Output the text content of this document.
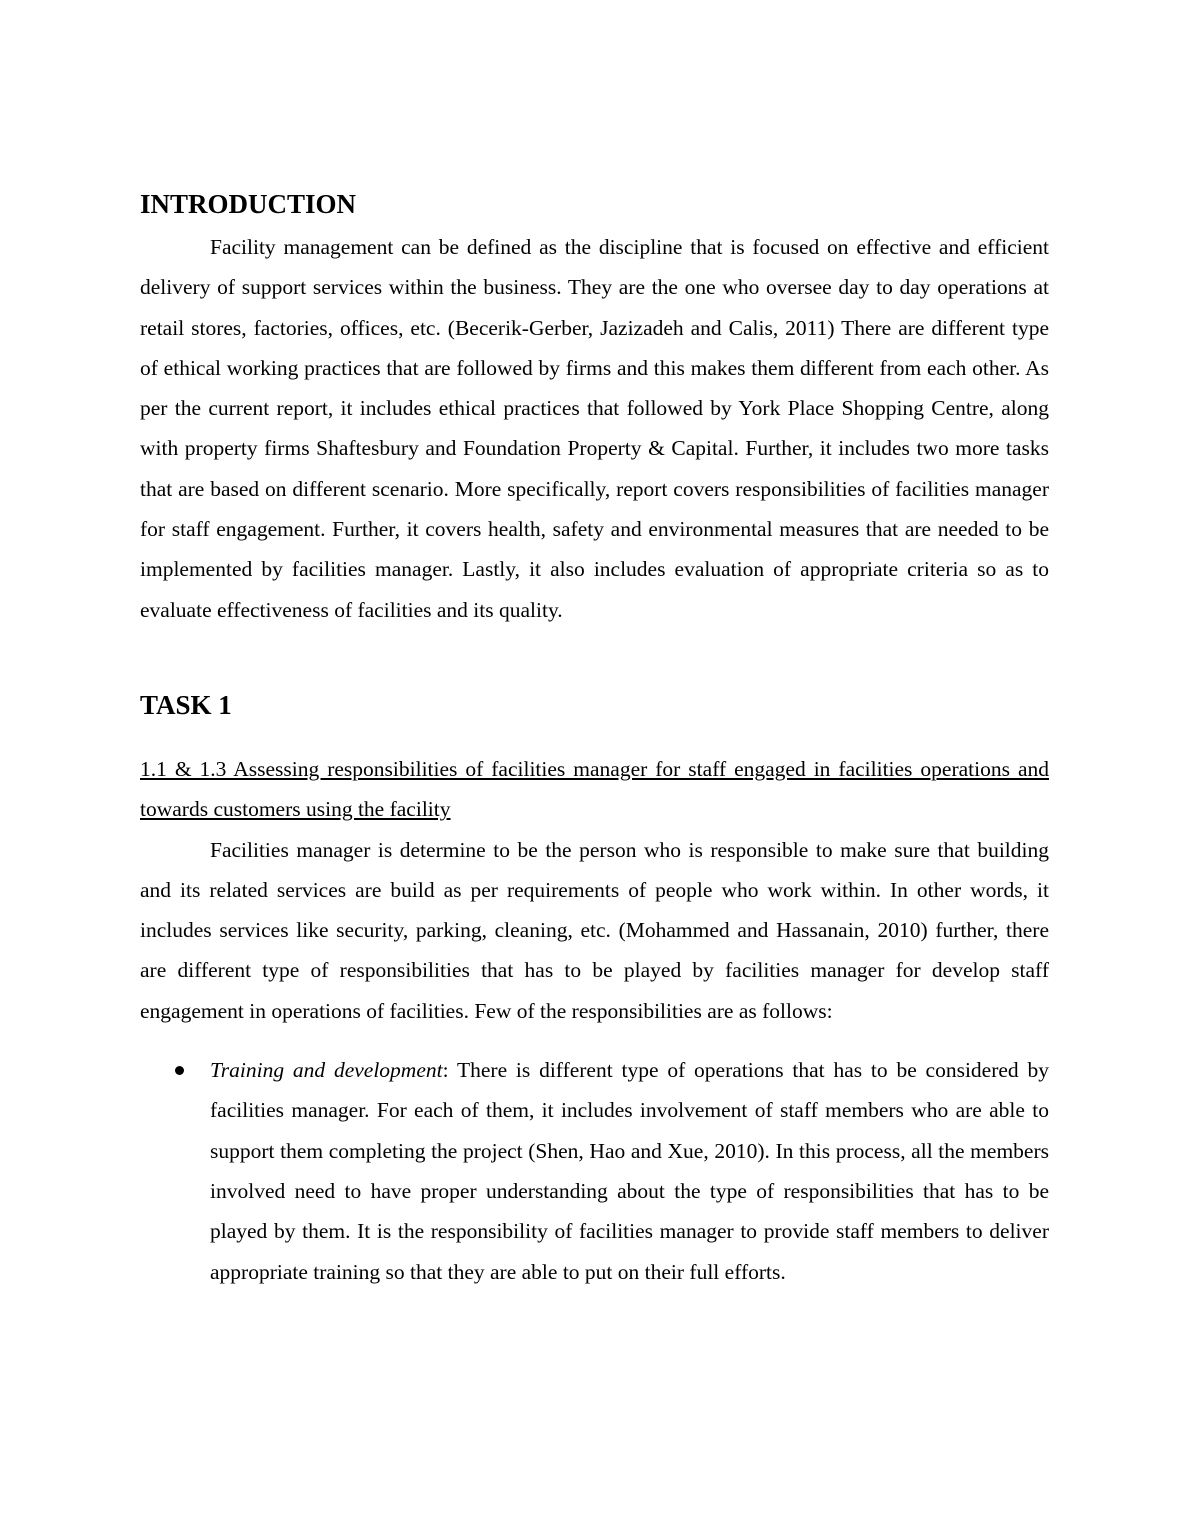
INTRODUCTION

Facility management can be defined as the discipline that is focused on effective and efficient delivery of support services within the business. They are the one who oversee day to day operations at retail stores, factories, offices, etc. (Becerik-Gerber, Jazizadeh and Calis, 2011) There are different type of ethical working practices that are followed by firms and this makes them different from each other. As per the current report, it includes ethical practices that followed by York Place Shopping Centre, along with property firms Shaftesbury and Foundation Property & Capital. Further, it includes two more tasks that are based on different scenario. More specifically, report covers responsibilities of facilities manager for staff engagement. Further, it covers health, safety and environmental measures that are needed to be implemented by facilities manager. Lastly, it also includes evaluation of appropriate criteria so as to evaluate effectiveness of facilities and its quality.

TASK 1

1.1 & 1.3 Assessing responsibilities of facilities manager for staff engaged in facilities operations and towards customers using the facility

Facilities manager is determine to be the person who is responsible to make sure that building and its related services are build as per requirements of people who work within. In other words, it includes services like security, parking, cleaning, etc. (Mohammed and Hassanain, 2010) further, there are different type of responsibilities that has to be played by facilities manager for develop staff engagement in operations of facilities. Few of the responsibilities are as follows:

Training and development: There is different type of operations that has to be considered by facilities manager. For each of them, it includes involvement of staff members who are able to support them completing the project (Shen, Hao and Xue, 2010). In this process, all the members involved need to have proper understanding about the type of responsibilities that has to be played by them. It is the responsibility of facilities manager to provide staff members to deliver appropriate training so that they are able to put on their full efforts.
